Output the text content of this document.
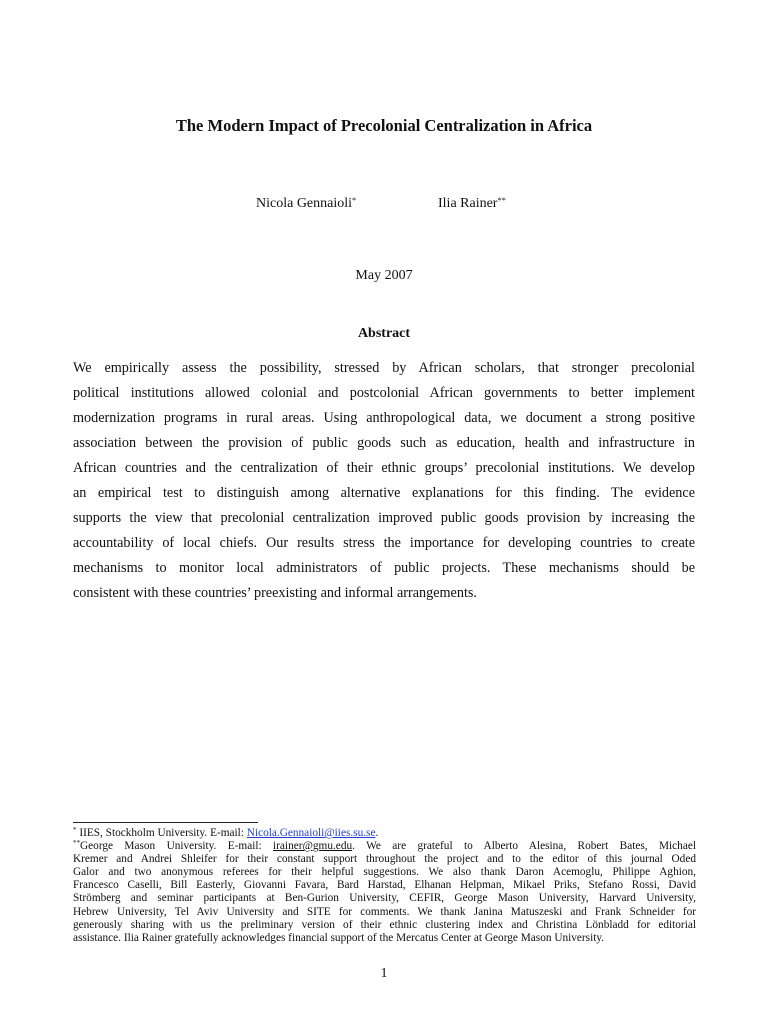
The Modern Impact of Precolonial Centralization in Africa
Nicola Gennaioli*	Ilia Rainer**
May 2007
Abstract
We empirically assess the possibility, stressed by African scholars, that stronger precolonial
political institutions allowed colonial and postcolonial African governments to better implement
modernization programs in rural areas. Using anthropological data, we document a strong positive
association between the provision of public goods such as education, health and infrastructure in
African countries and the centralization of their ethnic groups’ precolonial institutions. We develop
an empirical test to distinguish among alternative explanations for this finding. The evidence
supports the view that precolonial centralization improved public goods provision by increasing the
accountability of local chiefs. Our results stress the importance for developing countries to create
mechanisms to monitor local administrators of public projects. These mechanisms should be
consistent with these countries’ preexisting and informal arrangements.
* IIES, Stockholm University. E-mail: Nicola.Gennaioli@iies.su.se.
**George Mason University. E-mail: irainer@gmu.edu. We are grateful to Alberto Alesina, Robert Bates, Michael
Kremer and Andrei Shleifer for their constant support throughout the project and to the editor of this journal Oded
Galor and two anonymous referees for their helpful suggestions. We also thank Daron Acemoglu, Philippe Aghion,
Francesco Caselli, Bill Easterly, Giovanni Favara, Bard Harstad, Elhanan Helpman, Mikael Priks, Stefano Rossi, David
Strömberg and seminar participants at Ben-Gurion University, CEFIR, George Mason University, Harvard University,
Hebrew University, Tel Aviv University and SITE for comments. We thank Janina Matuszeski and Frank Schneider for
generously sharing with us the preliminary version of their ethnic clustering index and Christina Lönbladd for editorial
assistance. Ilia Rainer gratefully acknowledges financial support of the Mercatus Center at George Mason University.
1
